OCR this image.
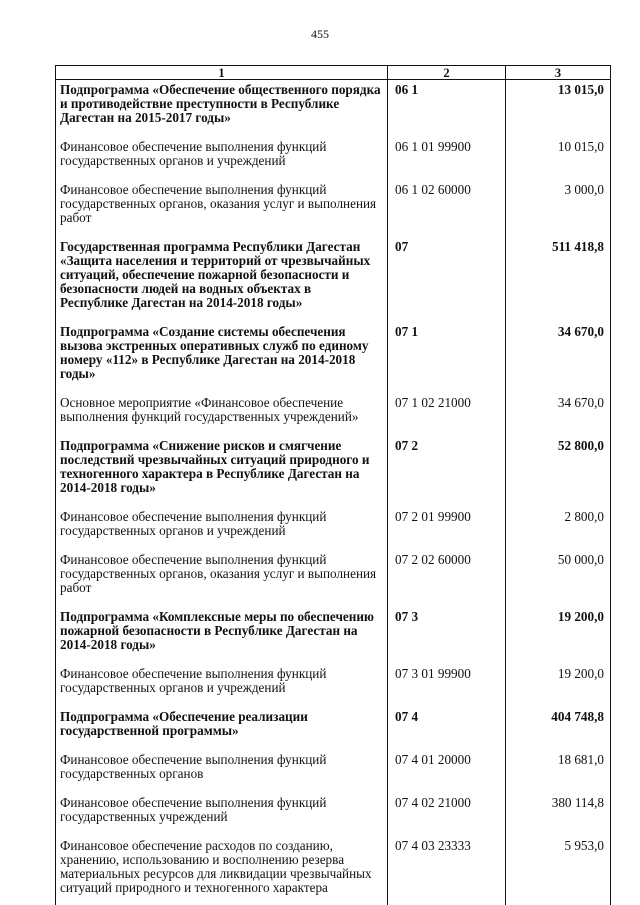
455
1	2	3
Подпрограмма «Обеспечение общественного порядка и противодействие преступности в Республике Дагестан на 2015-2017 годы»	06 1	13 015,0
Финансовое обеспечение выполнения функций государственных органов и учреждений	06 1 01 99900	10 015,0
Финансовое обеспечение выполнения функций государственных органов, оказания услуг и выполнения работ	06 1 02 60000	3 000,0
Государственная программа Республики Дагестан «Защита населения и территорий от чрезвычайных ситуаций, обеспечение пожарной безопасности и безопасности людей на водных объектах в Республике Дагестан на 2014-2018 годы»	07	511 418,8
Подпрограмма «Создание системы обеспечения вызова экстренных оперативных служб по единому номеру «112» в Республике Дагестан на 2014-2018 годы»	07 1	34 670,0
Основное мероприятие «Финансовое обеспечение выполнения функций государственных учреждений»	07 1 02 21000	34 670,0
Подпрограмма «Снижение рисков и смягчение последствий чрезвычайных ситуаций природного и техногенного характера в Республике Дагестан на 2014-2018 годы»	07 2	52 800,0
Финансовое обеспечение выполнения функций государственных органов и учреждений	07 2 01 99900	2 800,0
Финансовое обеспечение выполнения функций государственных органов, оказания услуг и выполнения работ	07 2 02 60000	50 000,0
Подпрограмма «Комплексные меры по обеспечению пожарной безопасности в Республике Дагестан на 2014-2018 годы»	07 3	19 200,0
Финансовое обеспечение выполнения функций государственных органов и учреждений	07 3 01 99900	19 200,0
Подпрограмма «Обеспечение реализации государственной программы»	07 4	404 748,8
Финансовое обеспечение выполнения функций государственных органов	07 4 01 20000	18 681,0
Финансовое обеспечение выполнения функций государственных учреждений	07 4 02 21000	380 114,8
Финансовое обеспечение расходов по созданию, хранению, использованию и восполнению резерва материальных ресурсов для ликвидации чрезвычайных ситуаций природного и техногенного характера	07 4 03 23333	5 953,0
